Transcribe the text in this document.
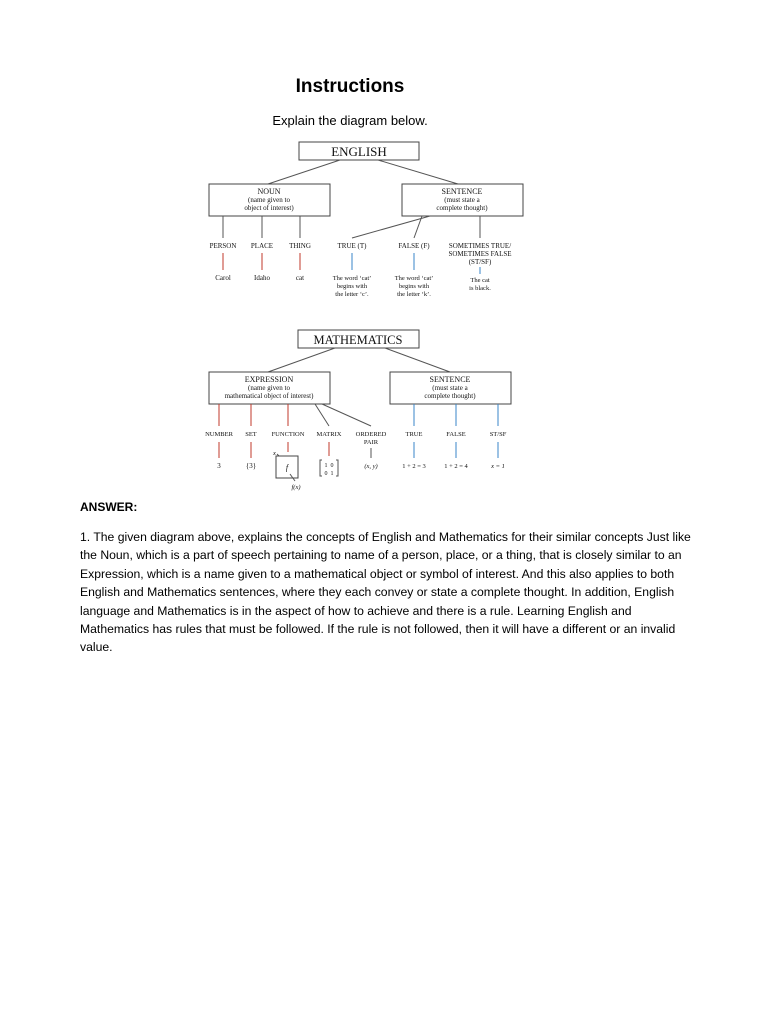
Instructions
Explain the diagram below.
ENGLISH
NOUN
(name given to
object of interest)
SENTENCE
(must state a
complete thought)
PERSON PLACE THING	TRUE (T)	FALSE (F)	SOMETIMES TRUE/
SOMETIMES FALSE
(ST/SF)
Carol	Idaho	cat	The word ‘cat’
begins with
the letter ‘c’.
The word ‘cat’
begins with
the letter ‘k’.
The cat
is black.
MATHEMATICS
EXPRESSION
(name given to
mathematical object of interest)
SENTENCE
(must state a
complete thought)
NUMBER SET FUNCTION MATRIX ORDERED
PAIR
TRUE	FALSE	ST/SF
3	{3}
x
f
f(x)
1  0
0  1
(x, y)	1 + 2 = 3	1 + 2 = 4	x = 1
ANSWER:
1. The given diagram above, explains the concepts of English and Mathematics for their similar concepts Just like the Noun, which is a part of speech pertaining to name of a person, place, or a thing, that is closely similar to an Expression, which is a name given to a mathematical object or symbol of interest. And this also applies to both English and Mathematics sentences, where they each convey or state a complete thought. In addition, English language and Mathematics is in the aspect of how to achieve and there is a rule. Learning English and Mathematics has rules that must be followed. If the rule is not followed, then it will have a different or an invalid value.
